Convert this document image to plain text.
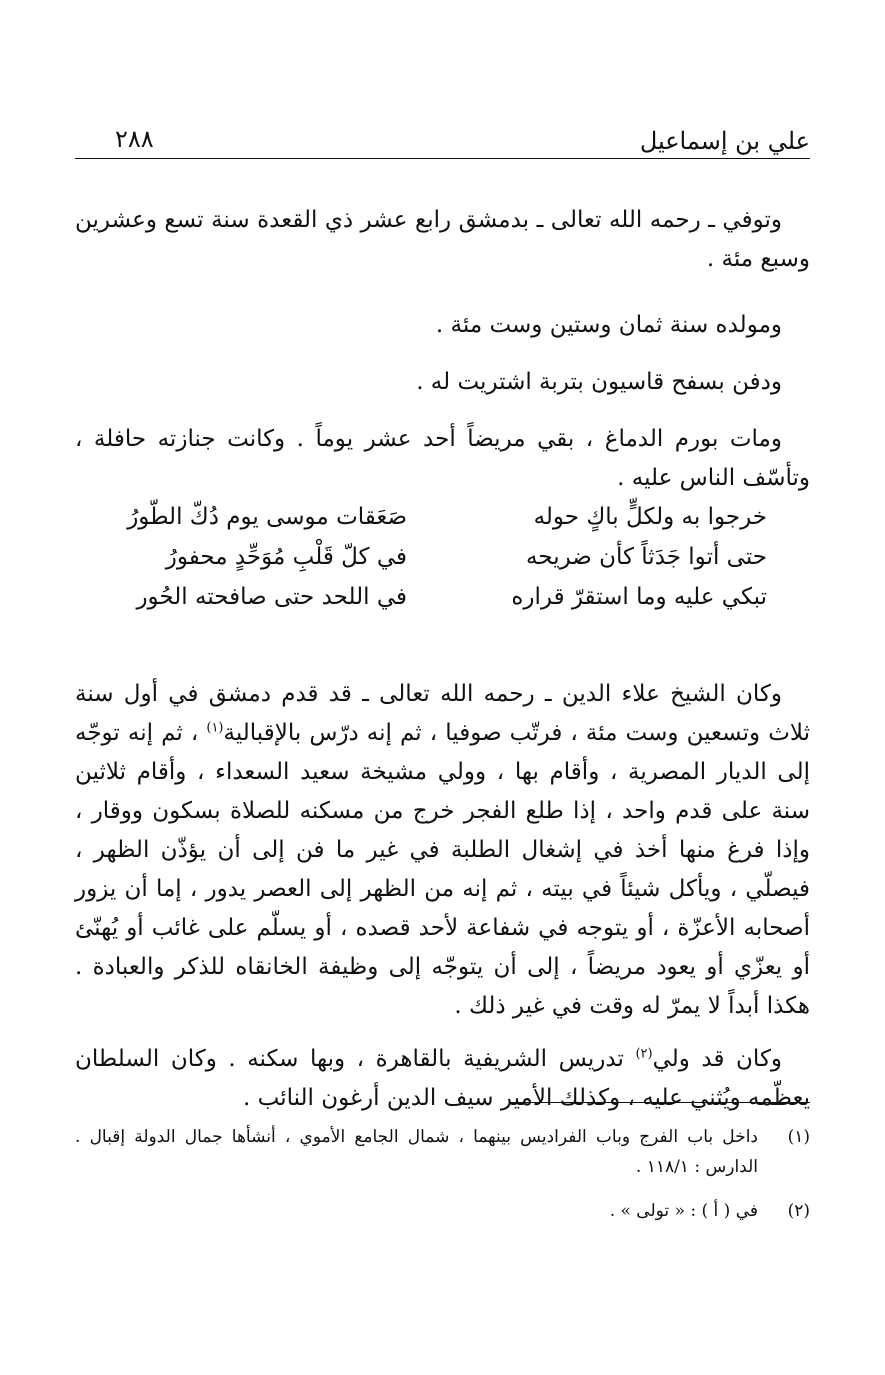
علي بن إسماعيل
٢٨٨

وتوفي ـ رحمه الله تعالى ـ بدمشق رابع عشر ذي القعدة سنة تسع وعشرين وسبع مئة .

ومولده سنة ثمان وستين وست مئة .

ودفن بسفح قاسيون بتربة اشتريت له .

ومات بورم الدماغ ، بقي مريضاً أحد عشر يوماً . وكانت جنازته حافلة ، وتأسّف الناس عليه .

خرجوا به ولكلٍّ باكٍ حوله
صَعَقات موسى يوم دُكّ الطّورُ
حتى أتوا جَدَثاً كأن ضريحه
في كلّ قَلْبِ مُوَحِّدٍ محفورُ
تبكي عليه وما استقرّ قراره
في اللحد حتى صافحته الحُور

وكان الشيخ علاء الدين ـ رحمه الله تعالى ـ قد قدم دمشق في أول سنة ثلاث وتسعين وست مئة ، فرتّب صوفيا ، ثم إنه درّس بالإقبالية$^{(١)}$ ، ثم إنه توجّه إلى الديار المصرية ، وأقام بها ، وولي مشيخة سعيد السعداء ، وأقام ثلاثين سنة على قدم واحد ، إذا طلع الفجر خرج من مسكنه للصلاة بسكون ووقار ، وإذا فرغ منها أخذ في إشغال الطلبة في غير ما فن إلى أن يؤذّن الظهر ، فيصلّي ، ويأكل شيئاً في بيته ، ثم إنه من الظهر إلى العصر يدور ، إما أن يزور أصحابه الأعزّة ، أو يتوجه في شفاعة لأحد قصده ، أو يسلّم على غائب أو يُهنّئ أو يعزّي أو يعود مريضاً ، إلى أن يتوجّه إلى وظيفة الخانقاه للذكر والعبادة . هكذا أبداً لا يمرّ له وقت في غير ذلك .

وكان قد ولي$^{(٢)}$ تدريس الشريفية بالقاهرة ، وبها سكنه . وكان السلطان يعظّمه ويُثني عليه ، وكذلك الأمير سيف الدين أرغون النائب .

(١)
داخل باب الفرج وباب الفراديس بينهما ، شمال الجامع الأموي ، أنشأها جمال الدولة إقبال . الدارس : ١١٨/١ .
(٢)
في ( أ ) : « تولى » .
